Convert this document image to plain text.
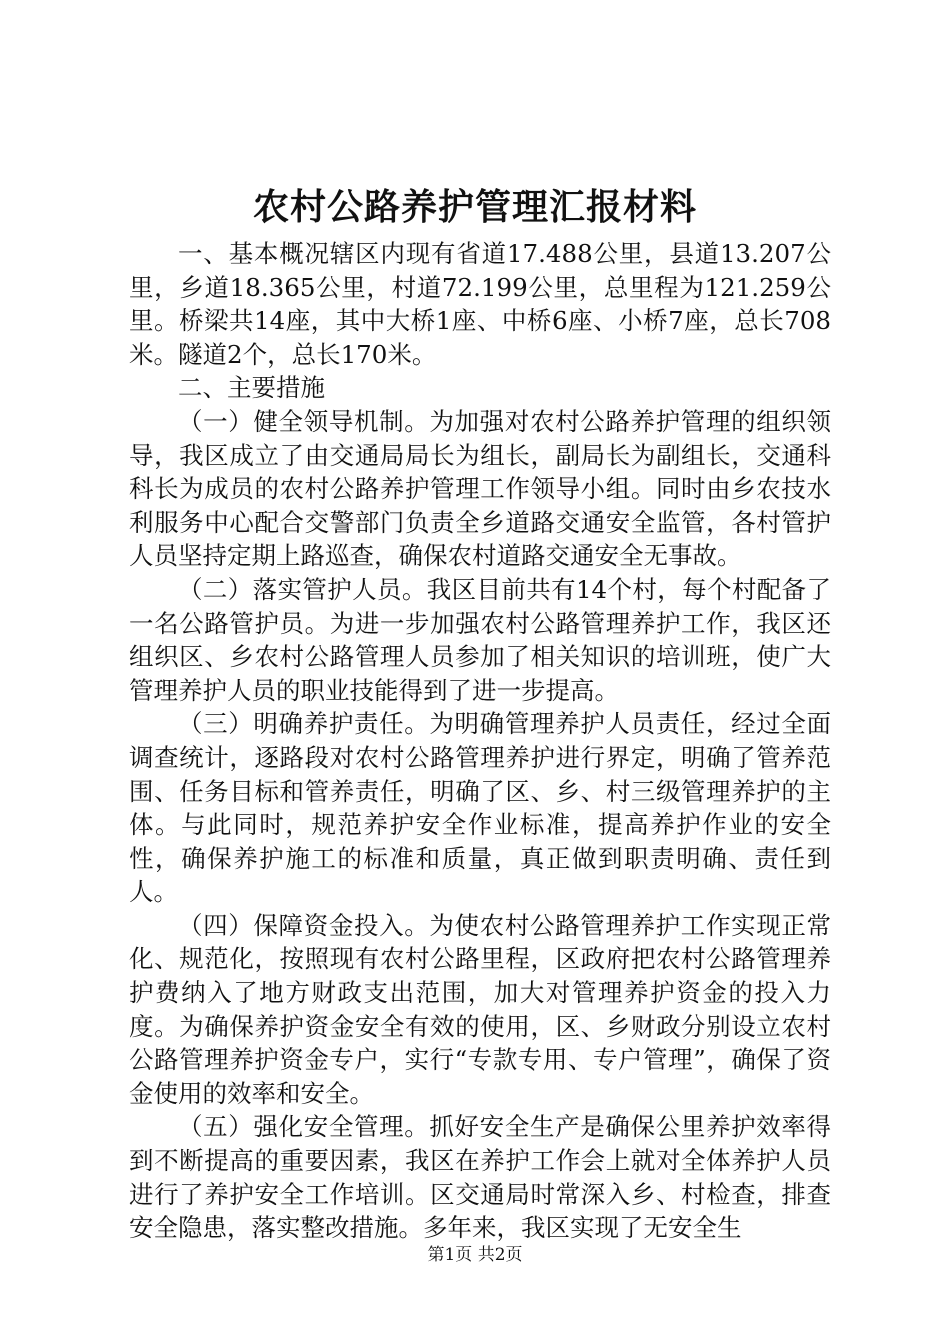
农村公路养护管理汇报材料

一、基本概况辖区内现有省道17.488公里，县道13.207公里，乡道18.365公里，村道72.199公里，总里程为121.259公里。桥梁共14座，其中大桥1座、中桥6座、小桥7座，总长708米。隧道2个，总长170米。

二、主要措施

（一）健全领导机制。为加强对农村公路养护管理的组织领导，我区成立了由交通局局长为组长，副局长为副组长，交通科科长为成员的农村公路养护管理工作领导小组。同时由乡农技水利服务中心配合交警部门负责全乡道路交通安全监管，各村管护人员坚持定期上路巡查，确保农村道路交通安全无事故。

（二）落实管护人员。我区目前共有14个村，每个村配备了一名公路管护员。为进一步加强农村公路管理养护工作，我区还组织区、乡农村公路管理人员参加了相关知识的培训班，使广大管理养护人员的职业技能得到了进一步提高。

（三）明确养护责任。为明确管理养护人员责任，经过全面调查统计，逐路段对农村公路管理养护进行界定，明确了管养范围、任务目标和管养责任，明确了区、乡、村三级管理养护的主体。与此同时，规范养护安全作业标准，提高养护作业的安全性，确保养护施工的标准和质量，真正做到职责明确、责任到人。

（四）保障资金投入。为使农村公路管理养护工作实现正常化、规范化，按照现有农村公路里程，区政府把农村公路管理养护费纳入了地方财政支出范围，加大对管理养护资金的投入力度。为确保养护资金安全有效的使用，区、乡财政分别设立农村公路管理养护资金专户，实行“专款专用、专户管理”，确保了资金使用的效率和安全。

（五）强化安全管理。抓好安全生产是确保公里养护效率得到不断提高的重要因素，我区在养护工作会上就对全体养护人员进行了养护安全工作培训。区交通局时常深入乡、村检查，排查安全隐患，落实整改措施。多年来，我区实现了无安全生

第1页 共2页
